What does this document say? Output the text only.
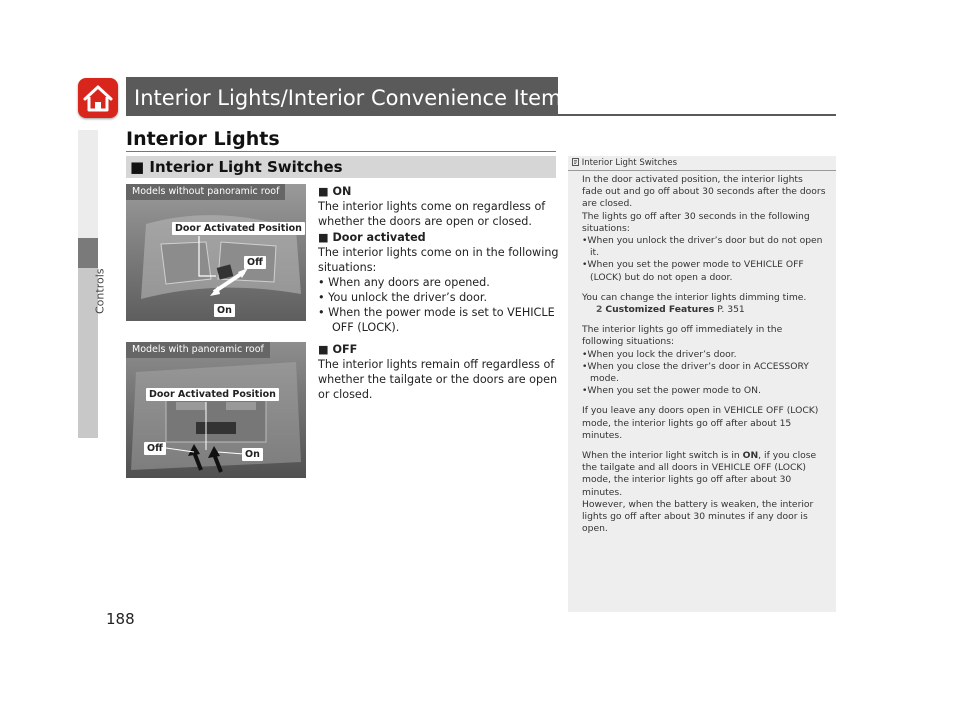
Controls
Interior Lights/Interior Convenience Items
Interior Lights
■ Interior Light Switches
Door Activated Position
Off
On
Models without panoramic roof
Door Activated Position
Off
On
Models with panoramic roof
■ ON
The interior lights come on regardless of whether the doors are open or closed.
■ Door activated
The interior lights come on in the following situations:
• When any doors are opened.
• You unlock the driver’s door.
• When the power mode is set to VEHICLE OFF (LOCK).
■ OFF
The interior lights remain off regardless of whether the tailgate or the doors are open or closed.
Interior Light Switches

In the door activated position, the interior lights fade out and go off about 30 seconds after the doors are closed.

The lights go off after 30 seconds in the following situations:

•When you unlock the driver’s door but do not open it.

•When you set the power mode to VEHICLE OFF (LOCK) but do not open a door.

You can change the interior lights dimming time.

2 Customized Features P. 351

The interior lights go off immediately in the following situations:

•When you lock the driver’s door.

•When you close the driver’s door in ACCESSORY mode.

•When you set the power mode to ON.

If you leave any doors open in VEHICLE OFF (LOCK) mode, the interior lights go off after about 15 minutes.

When the interior light switch is in ON, if you close the tailgate and all doors in VEHICLE OFF (LOCK) mode, the interior lights go off after about 30 minutes.

However, when the battery is weaken, the interior lights go off after about 30 minutes if any door is open.

188
